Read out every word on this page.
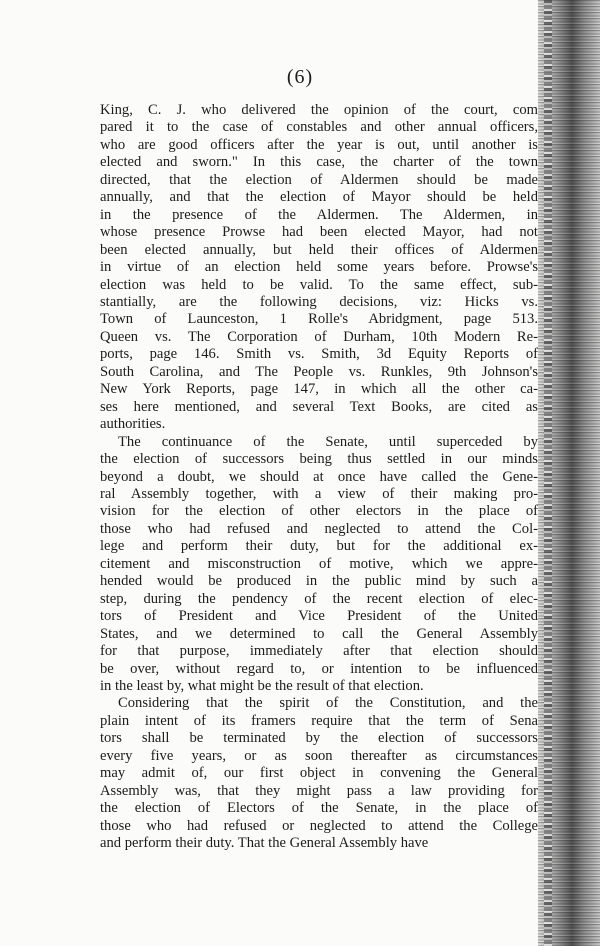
(6)
King, C. J. who delivered the opinion of the court, com
pared it to the case of constables and other annual officers,
who are good officers after the year is out, until another is
elected and sworn." In this case, the charter of the town
directed, that the election of Aldermen should be made
annually, and that the election of Mayor should be held
in the presence of the Aldermen. The Aldermen, in
whose presence Prowse had been elected Mayor, had not
been elected annually, but held their offices of Aldermen
in virtue of an election held some years before. Prowse's
election was held to be valid. To the same effect, sub-
stantially, are the following decisions, viz: Hicks vs.
Town of Launceston, 1 Rolle's Abridgment, page 513.
Queen vs. The Corporation of Durham, 10th Modern Re-
ports, page 146. Smith vs. Smith, 3d Equity Reports of
South Carolina, and The People vs. Runkles, 9th Johnson's
New York Reports, page 147, in which all the other ca-
ses here mentioned, and several Text Books, are cited as
authorities.
The continuance of the Senate, until superceded by
the election of successors being thus settled in our minds
beyond a doubt, we should at once have called the Gene-
ral Assembly together, with a view of their making pro-
vision for the election of other electors in the place of
those who had refused and neglected to attend the Col-
lege and perform their duty, but for the additional ex-
citement and misconstruction of motive, which we appre-
hended would be produced in the public mind by such a
step, during the pendency of the recent election of elec-
tors of President and Vice President of the United
States, and we determined to call the General Assembly
for that purpose, immediately after that election should
be over, without regard to, or intention to be influenced
in the least by, what might be the result of that election.
Considering that the spirit of the Constitution, and the
plain intent of its framers require that the term of Sena
tors shall be terminated by the election of successors
every five years, or as soon thereafter as circumstances
may admit of, our first object in convening the General
Assembly was, that they might pass a law providing for
the election of Electors of the Senate, in the place of
those who had refused or neglected to attend the College
and perform their duty. That the General Assembly have
